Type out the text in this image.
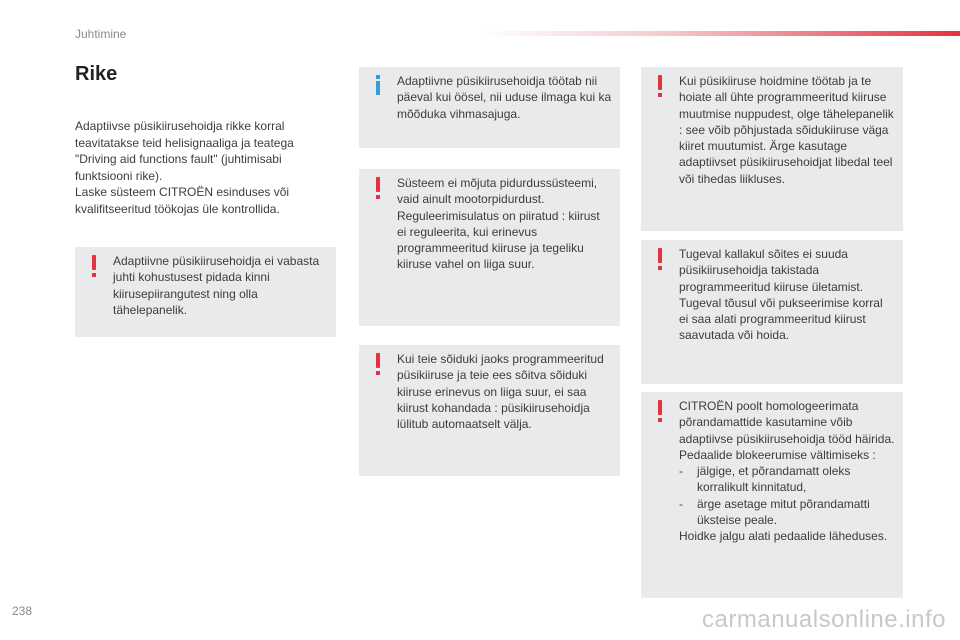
Juhtimine
Rike

Adaptiivse püsikiirusehoidja rikke korral teavitatakse teid helisignaaliga ja teatega "Driving aid functions fault" (juhtimisabi funktsiooni rike).

Laske süsteem CITROËN esinduses või kvalifitseeritud töökojas üle kontrollida.

Adaptiivne püsikiirusehoidja ei vabasta juhti kohustusest pidada kinni kiirusepiirangutest ning olla tähelepanelik.

Adaptiivne püsikiirusehoidja töötab nii päeval kui öösel, nii uduse ilmaga kui ka mõõduka vihmasajuga.

Süsteem ei mõjuta pidurdussüsteemi, vaid ainult mootorpidurdust.

Reguleerimisulatus on piiratud : kiirust ei reguleerita, kui erinevus programmeeritud kiiruse ja tegeliku kiiruse vahel on liiga suur.

Kui teie sõiduki jaoks programmeeritud püsikiiruse ja teie ees sõitva sõiduki kiiruse erinevus on liiga suur, ei saa kiirust kohandada : püsikiirusehoidja lülitub automaatselt välja.

Kui püsikiiruse hoidmine töötab ja te hoiate all ühte programmeeritud kiiruse muutmise nuppudest, olge tähelepanelik : see võib põhjustada sõidukiiruse väga kiiret muutumist. Ärge kasutage adaptiivset püsikiirusehoidjat libedal teel või tihedas liikluses.

Tugeval kallakul sõites ei suuda püsikiirusehoidja takistada programmeeritud kiiruse ületamist.

Tugeval tõusul või pukseerimise korral ei saa alati programmeeritud kiirust saavutada või hoida.

CITROËN poolt homologeerimata põrandamattide kasutamine võib adaptiivse püsikiirusehoidja tööd häirida.

Pedaalide blokeerumise vältimiseks :

- jälgige, et põrandamatt oleks korralikult kinnitatud,
- ärge asetage mitut põrandamatti üksteise peale.

Hoidke jalgu alati pedaalide läheduses.

238	carmanualsonline.info
